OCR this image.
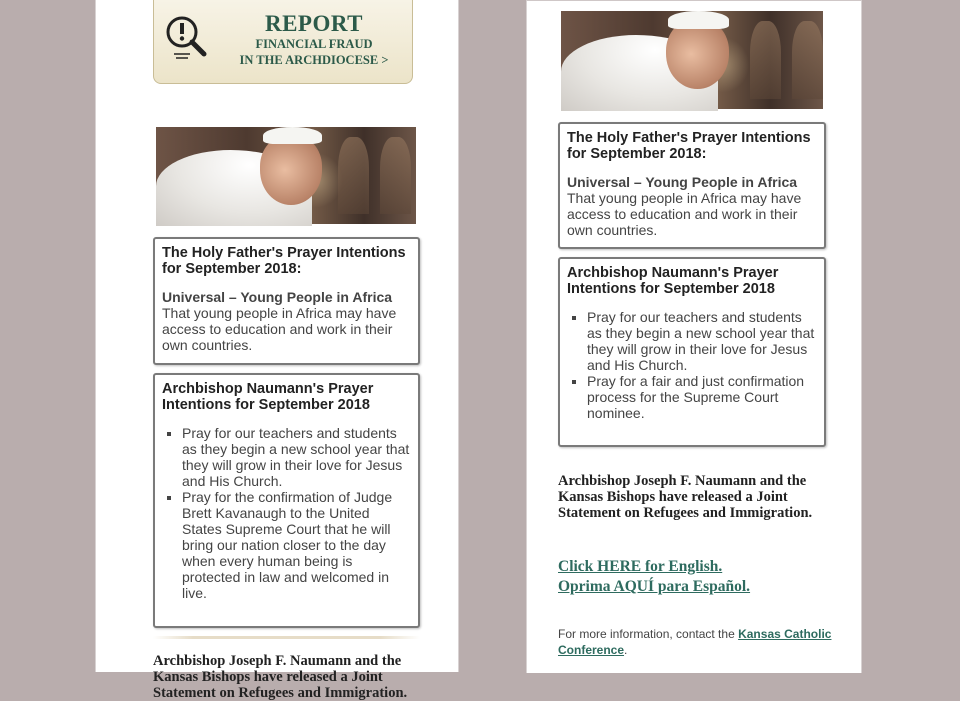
REPORT
FINANCIAL FRAUD
IN THE ARCHDIOCESE >
The Holy Father's Prayer Intentions for September 2018:
Universal – Young People in Africa

That young people in Africa may have access to education and work in their own countries.

Archbishop Naumann's Prayer Intentions for September 2018
▪ Pray for our teachers and students as they begin a new school year that they will grow in their love for Jesus and His Church.
▪ Pray for the confirmation of Judge Brett Kavanaugh to the United States Supreme Court that he will bring our nation closer to the day when every human being is protected in law and welcomed in live.
Archbishop Joseph F. Naumann and the Kansas Bishops have released a Joint Statement on Refugees and Immigration.
The Holy Father's Prayer Intentions for September 2018:
Universal – Young People in Africa

That young people in Africa may have access to education and work in their own countries.

Archbishop Naumann's Prayer Intentions for September 2018
▪ Pray for our teachers and students as they begin a new school year that they will grow in their love for Jesus and His Church.
▪ Pray for a fair and just confirmation process for the Supreme Court nominee.
Archbishop Joseph F. Naumann and the Kansas Bishops have released a Joint Statement on Refugees and Immigration.
Click HERE for English.
Oprima AQUÍ para Español.
For more information, contact the Kansas Catholic Conference.
